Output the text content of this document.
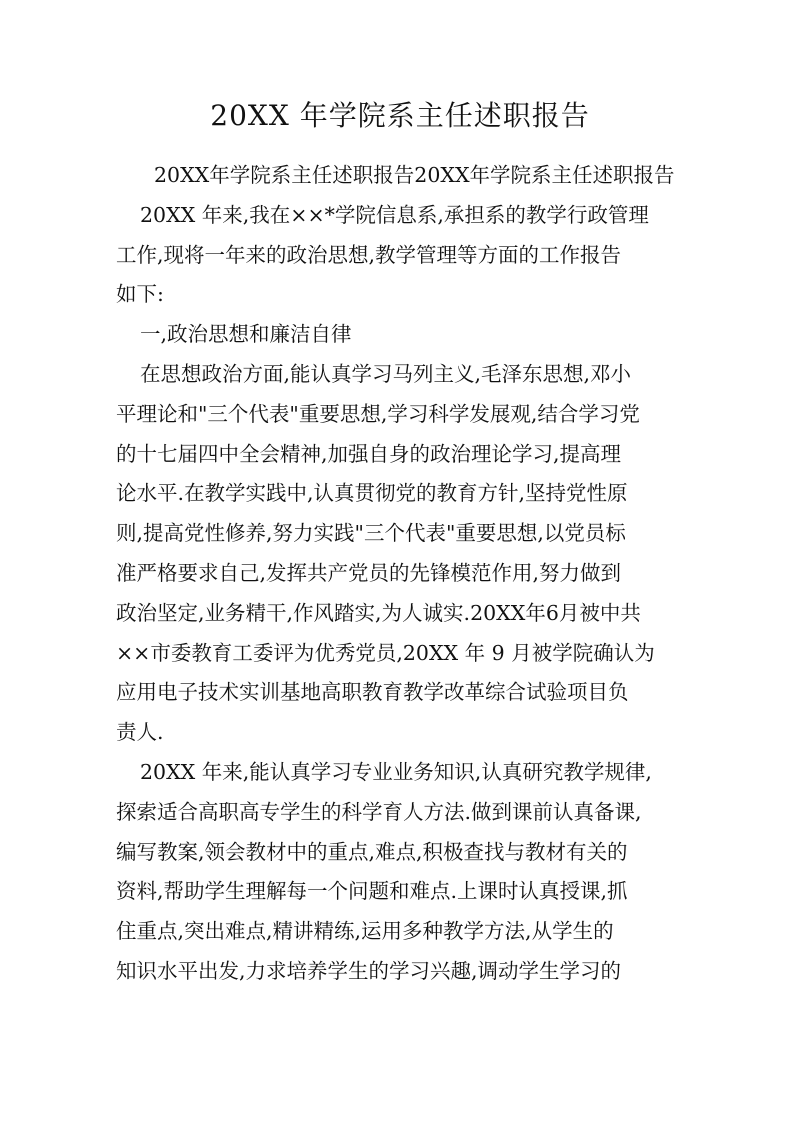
20XX 年学院系主任述职报告
20XX年学院系主任述职报告20XX年学院系主任述职报告
20XX 年来,我在××*学院信息系,承担系的教学行政管理
工作,现将一年来的政治思想,教学管理等方面的工作报告
如下:
一,政治思想和廉洁自律
在思想政治方面,能认真学习马列主义,毛泽东思想,邓小
平理论和"三个代表"重要思想,学习科学发展观,结合学习党
的十七届四中全会精神,加强自身的政治理论学习,提高理
论水平.在教学实践中,认真贯彻党的教育方针,坚持党性原
则,提高党性修养,努力实践"三个代表"重要思想,以党员标
准严格要求自己,发挥共产党员的先锋模范作用,努力做到
政治坚定,业务精干,作风踏实,为人诚实.20XX年6月被中共
××市委教育工委评为优秀党员,20XX 年 9 月被学院确认为
应用电子技术实训基地高职教育教学改革综合试验项目负
责人.
20XX 年来,能认真学习专业业务知识,认真研究教学规律,
探索适合高职高专学生的科学育人方法.做到课前认真备课,
编写教案,领会教材中的重点,难点,积极查找与教材有关的
资料,帮助学生理解每一个问题和难点.上课时认真授课,抓
住重点,突出难点,精讲精练,运用多种教学方法,从学生的
知识水平出发,力求培养学生的学习兴趣,调动学生学习的
